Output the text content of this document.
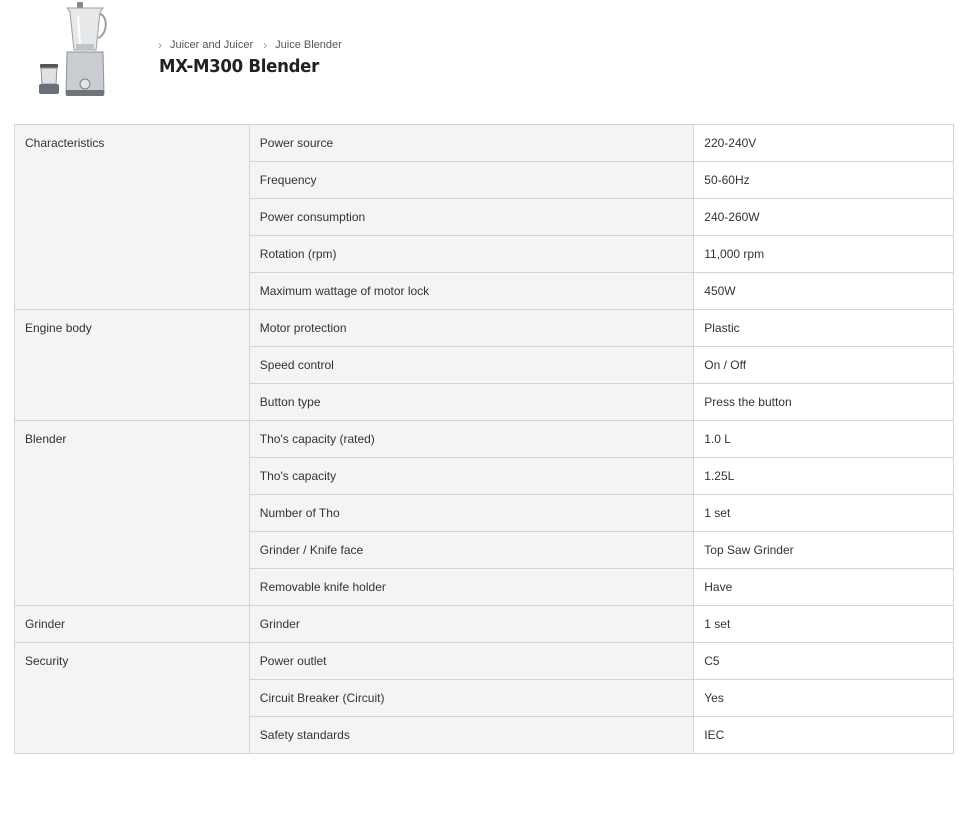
› Juicer and Juicer › Juice Blender
MX-M300 Blender
Characteristics	Power source	220-240V
	Frequency	50-60Hz
	Power consumption	240-260W
	Rotation (rpm)	11,000 rpm
	Maximum wattage of motor lock	450W
Engine body	Motor protection	Plastic
	Speed control	On / Off
	Button type	Press the button
Blender	Tho's capacity (rated)	1.0 L
	Tho's capacity	1.25L
	Number of Tho	1 set
	Grinder / Knife face	Top Saw Grinder
	Removable knife holder	Have
Grinder	Grinder	1 set
Security	Power outlet	C5
	Circuit Breaker (Circuit)	Yes
	Safety standards	IEC
